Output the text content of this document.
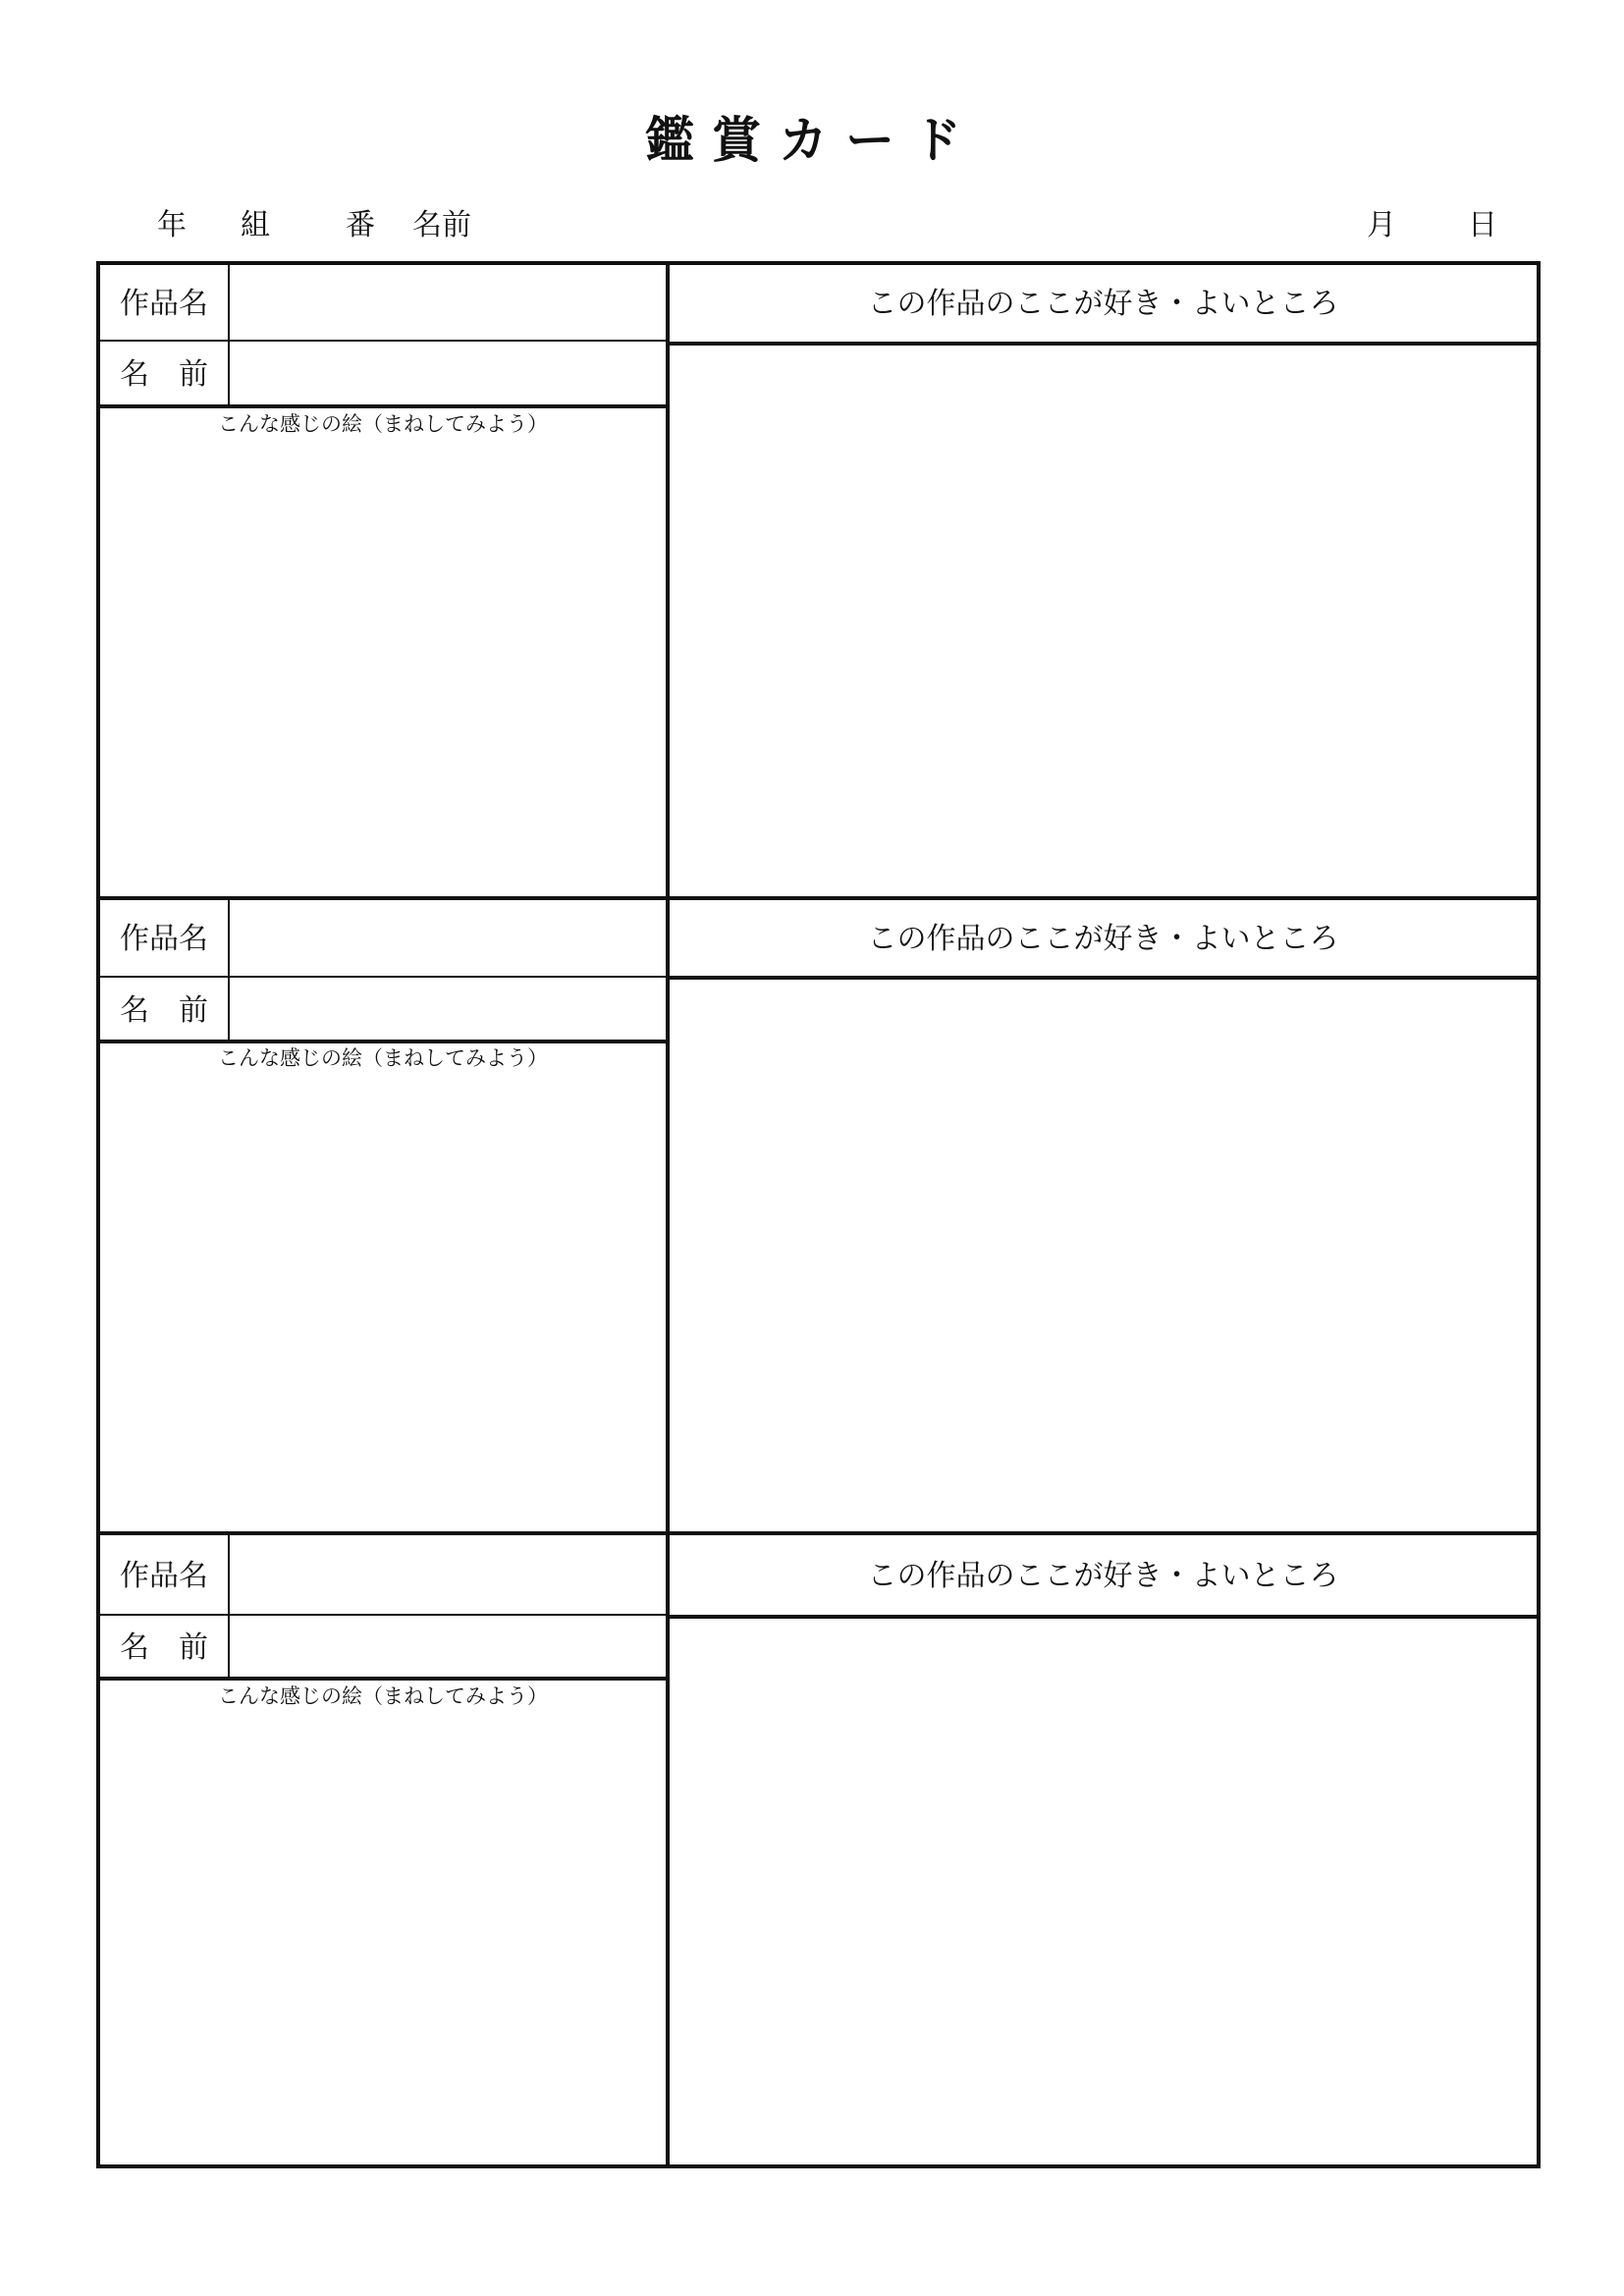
鑑賞カード
年 組	番 名前	月 日
作品名
名　前
こんな感じの絵（まねしてみよう）
この作品のここが好き・よいところ
作品名
名　前
こんな感じの絵（まねしてみよう）
この作品のここが好き・よいところ
作品名
名　前
こんな感じの絵（まねしてみよう）
この作品のここが好き・よいところ
